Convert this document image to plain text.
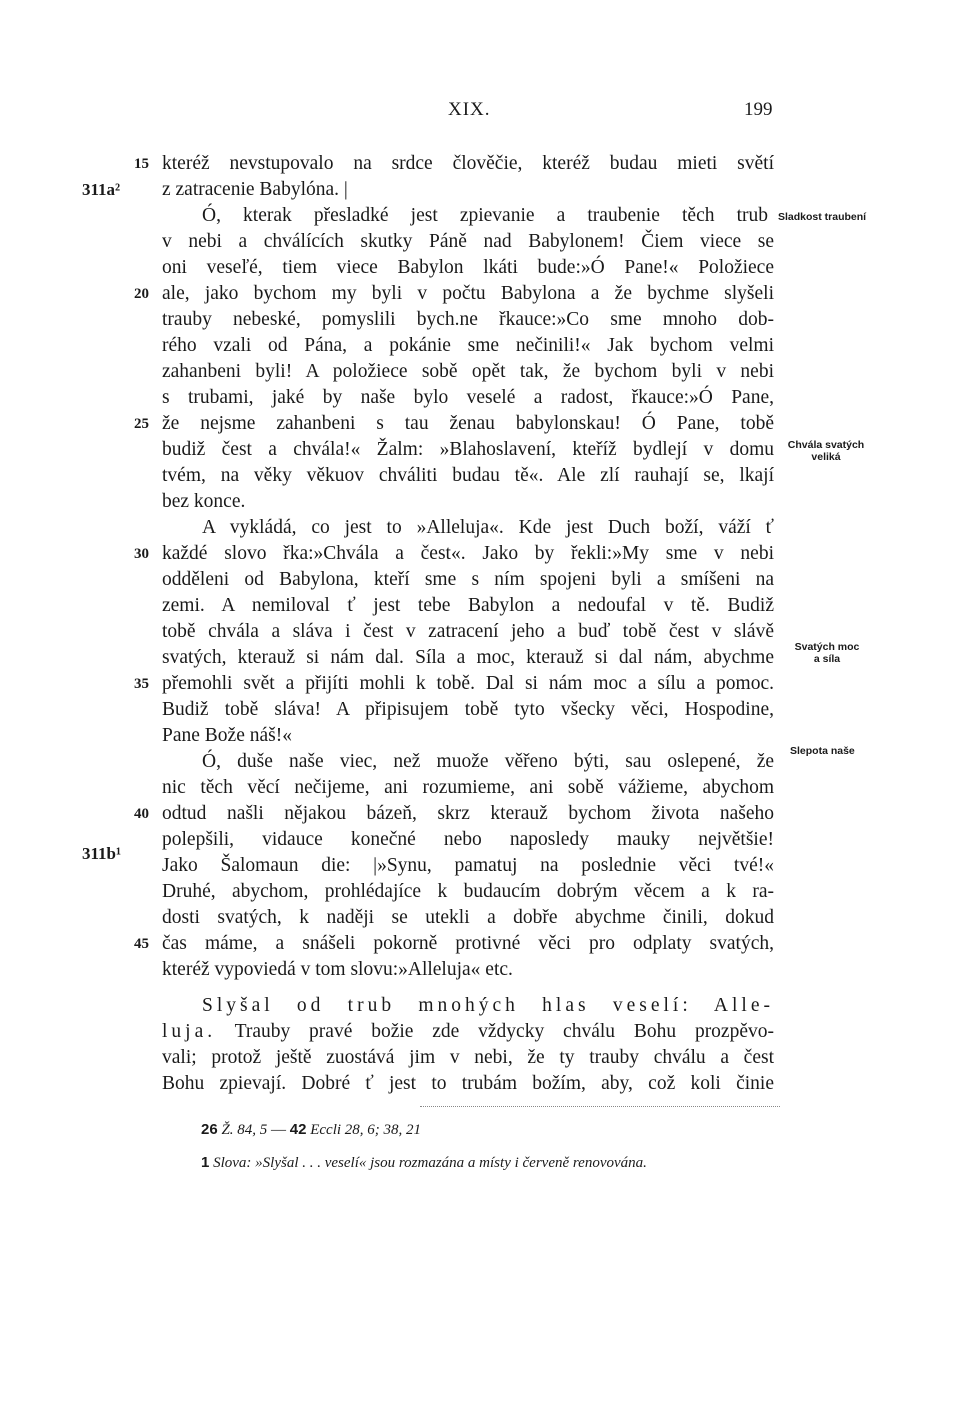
XIX.	199
kteréž nevstupovalo na srdce člověčie, kteréž budau mieti světí
z zatracenie Babylóna. |
Ó, kterak přesladké jest zpievanie a traubenie těch trub
v nebi a chválících skutky Páně nad Babylonem! Čiem viece se
oni veseľé, tiem viece Babylon lkáti bude:»Ó Pane!« Položiece
ale, jako bychom my byli v počtu Babylona a že bychme slyšeli
trauby nebeské, pomyslili bych.ne řkauce:»Co sme mnoho dob-
rého vzali od Pána, a pokánie sme nečinili!« Jak bychom velmi
zahanbeni byli! A položiece sobě opět tak, že bychom byli v nebi
s trubami, jaké by naše bylo veselé a radost, řkauce:»Ó Pane,
že nejsme zahanbeni s tau ženau babylonskau! Ó Pane, tobě
budiž čest a chvála!« Žalm: »Blahoslavení, kteříž bydlejí v domu
tvém, na věky věkuov chváliti budau tě«. Ale zlí rauhají se, lkají
bez konce.
A vykládá, co jest to »Alleluja«. Kde jest Duch boží, váží ť
každé slovo řka:»Chvála a čest«. Jako by řekli:»My sme v nebi
odděleni od Babylona, kteří sme s ním spojeni byli a smíšeni na
zemi. A nemiloval ť jest tebe Babylon a nedoufal v tě. Budiž
tobě chvála a sláva i čest v zatracení jeho a buď tobě čest v slávě
svatých, kterauž si nám dal. Síla a moc, kterauž si dal nám, abychme
přemohli svět a přijíti mohli k tobě. Dal si nám moc a sílu a pomoc.
Budiž tobě sláva! A připisujem tobě tyto všecky věci, Hospodine,
Pane Bože náš!«
Ó, duše naše viec, než muože věřeno býti, sau oslepené, že
nic těch věcí nečijeme, ani rozumieme, ani sobě vážieme, abychom
odtud našli nějakou bázeň, skrz kterauž bychom života našeho
polepšili, vidauce konečné nebo naposledy mauky největšie!
Jako Šalomaun die: |»Synu, pamatuj na poslednie věci tvé!«
Druhé, abychom, prohlédajíce k budaucím dobrým věcem a k ra-
dosti svatých, k naději se utekli a dobře abychme činili, dokud
čas máme, a snášeli pokorně protivné věci pro odplaty svatých,
kteréž vypoviedá v tom slovu:»Alleluja« etc.
15
20
25
30
35
40
45
311a²
311b¹
Sladkost traubení
Chvála svatých
veliká
Svatých moc
a síla
Slepota naše
Slyšal od trub mnohých hlas veselí: Alle-
luja. Trauby pravé božie zde vždycky chválu Bohu prozpěvo-
vali; protož ještě zuostává jim v nebi, že ty trauby chválu a čest
Bohu zpievají. Dobré ť jest to trubám božím, aby, což koli činie
26 Ž. 84, 5 — 42 Eccli 28, 6; 38, 21
1 Slova: »Slyšal . . . veselí« jsou rozmazána a místy i červeně renovována.
